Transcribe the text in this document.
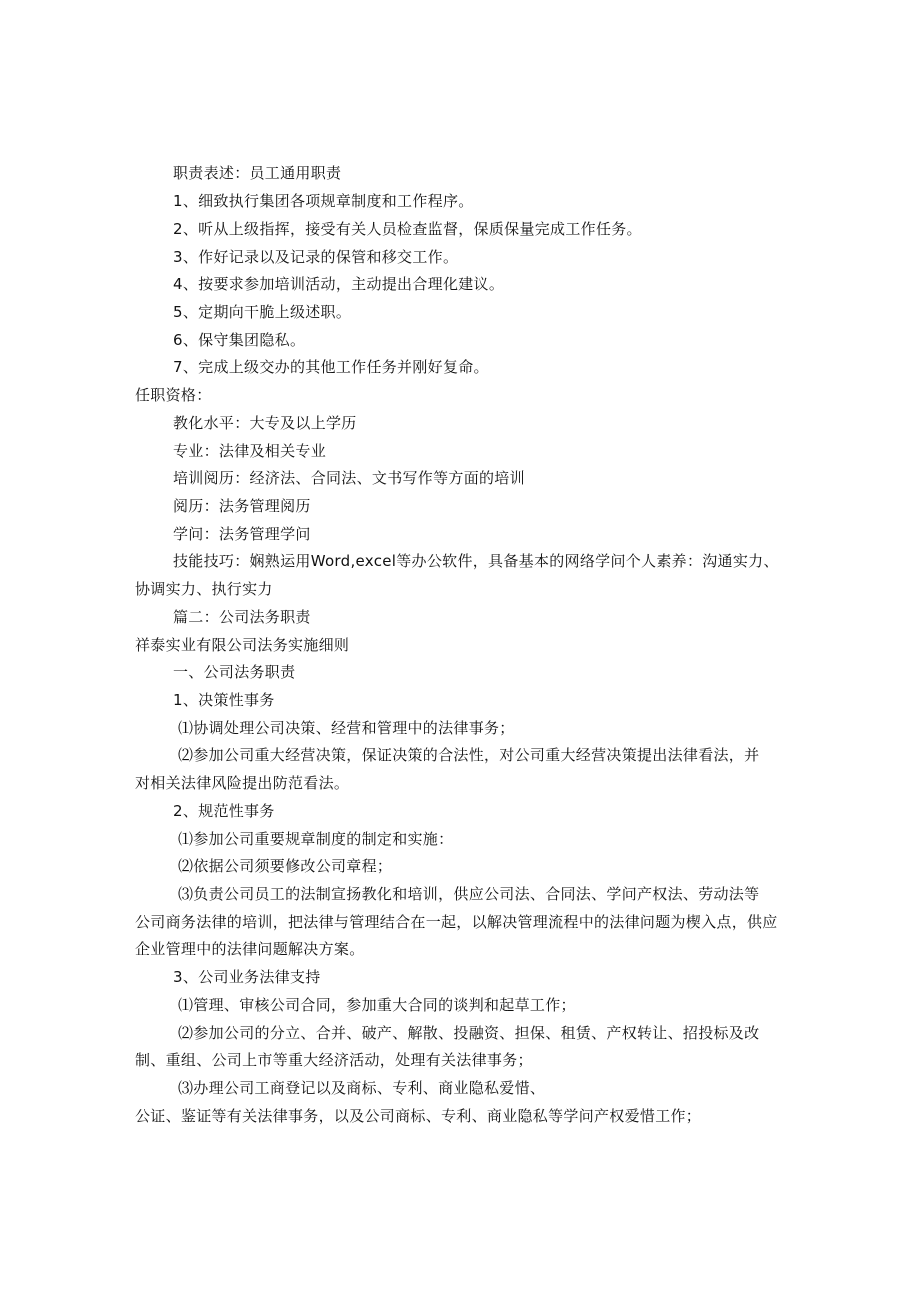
职责表述：员工通用职责
1、细致执行集团各项规章制度和工作程序。
2、听从上级指挥，接受有关人员检查监督，保质保量完成工作任务。
3、作好记录以及记录的保管和移交工作。
4、按要求参加培训活动，主动提出合理化建议。
5、定期向干脆上级述职。
6、保守集团隐私。
7、完成上级交办的其他工作任务并刚好复命。
任职资格：
教化水平：大专及以上学历
专业：法律及相关专业
培训阅历：经济法、合同法、文书写作等方面的培训
阅历：法务管理阅历
学问：法务管理学问
技能技巧：娴熟运用Word,excel等办公软件，具备基本的网络学问个人素养：沟通实力、
协调实力、执行实力
篇二：公司法务职责
祥泰实业有限公司法务实施细则
一、公司法务职责
1、决策性事务
⑴协调处理公司决策、经营和管理中的法律事务；
⑵参加公司重大经营决策，保证决策的合法性，对公司重大经营决策提出法律看法，并
对相关法律风险提出防范看法。
2、规范性事务
⑴参加公司重要规章制度的制定和实施：
⑵依据公司须要修改公司章程；
⑶负责公司员工的法制宣扬教化和培训，供应公司法、合同法、学问产权法、劳动法等
公司商务法律的培训，把法律与管理结合在一起，以解决管理流程中的法律问题为楔入点，供应
企业管理中的法律问题解决方案。
3、公司业务法律支持
⑴管理、审核公司合同，参加重大合同的谈判和起草工作；
⑵参加公司的分立、合并、破产、解散、投融资、担保、租赁、产权转让、招投标及改
制、重组、公司上市等重大经济活动，处理有关法律事务；
⑶办理公司工商登记以及商标、专利、商业隐私爱惜、
公证、鉴证等有关法律事务，以及公司商标、专利、商业隐私等学问产权爱惜工作；
